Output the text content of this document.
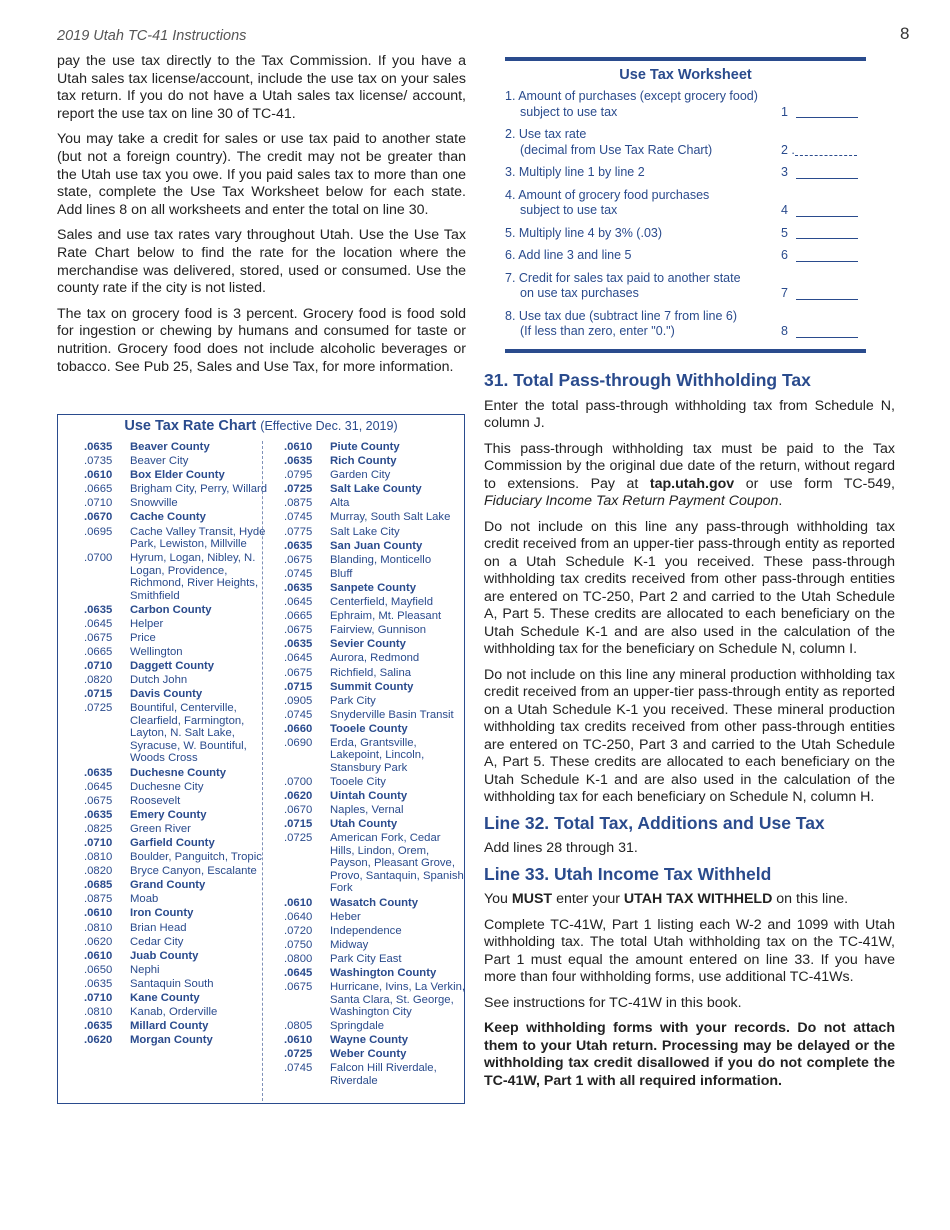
2019 Utah TC-41 Instructions	8

pay the use tax directly to the Tax Commission. If you have a Utah sales tax license/account, include the use tax on your sales tax return. If you do not have a Utah sales tax license/ account, report the use tax on line 30 of TC-41.

You may take a credit for sales or use tax paid to another state (but not a foreign country). The credit may not be greater than the Utah use tax you owe. If you paid sales tax to more than one state, complete the Use Tax Worksheet below for each state. Add lines 8 on all worksheets and enter the total on line 30.

Sales and use tax rates vary throughout Utah. Use the Use Tax Rate Chart below to find the rate for the location where the merchandise was delivered, stored, used or consumed. Use the county rate if the city is not listed.

The tax on grocery food is 3 percent. Grocery food is food sold for ingestion or chewing by humans and consumed for taste or nutrition. Grocery food does not include alcoholic beverages or tobacco. See Pub 25, Sales and Use Tax, for more information.

Use Tax Rate Chart (Effective Dec. 31, 2019)
.0635	Beaver County
.0735	Beaver City
.0610	Box Elder County
.0665	Brigham City, Perry, Willard
.0710	Snowville
.0670	Cache County
.0695	Cache Valley Transit, Hyde Park, Lewiston, Millville
.0700	Hyrum, Logan, Nibley, N. Logan, Providence, Richmond, River Heights, Smithfield
.0635	Carbon County
.0645	Helper
.0675	Price
.0665	Wellington
.0710	Daggett County
.0820	Dutch John
.0715	Davis County
.0725	Bountiful, Centerville, Clearfield, Farmington, Layton, N. Salt Lake, Syracuse, W. Bountiful, Woods Cross
.0635	Duchesne County
.0645	Duchesne City
.0675	Roosevelt
.0635	Emery County
.0825	Green River
.0710	Garfield County
.0810	Boulder, Panguitch, Tropic
.0820	Bryce Canyon, Escalante
.0685	Grand County
.0875	Moab
.0610	Iron County
.0810	Brian Head
.0620	Cedar City
.0610	Juab County
.0650	Nephi
.0635	Santaquin South
.0710	Kane County
.0810	Kanab, Orderville
.0635	Millard County
.0620	Morgan County
.0610	Piute County
.0635	Rich County
.0795	Garden City
.0725	Salt Lake County
.0875	Alta
.0745	Murray, South Salt Lake
.0775	Salt Lake City
.0635	San Juan County
.0675	Blanding, Monticello
.0745	Bluff
.0635	Sanpete County
.0645	Centerfield, Mayfield
.0665	Ephraim, Mt. Pleasant
.0675	Fairview, Gunnison
.0635	Sevier County
.0645	Aurora, Redmond
.0675	Richfield, Salina
.0715	Summit County
.0905	Park City
.0745	Snyderville Basin Transit
.0660	Tooele County
.0690	Erda, Grantsville, Lakepoint, Lincoln, Stansbury Park
.0700	Tooele City
.0620	Uintah County
.0670	Naples, Vernal
.0715	Utah County
.0725	American Fork, Cedar Hills, Lindon, Orem, Payson, Pleasant Grove, Provo, Santaquin, Spanish Fork
.0610	Wasatch County
.0640	Heber
.0720	Independence
.0750	Midway
.0800	Park City East
.0645	Washington County
.0675	Hurricane, Ivins, La Verkin, Santa Clara, St. George, Washington City
.0805	Springdale
.0610	Wayne County
.0725	Weber County
.0745	Falcon Hill Riverdale, Riverdale
Use Tax Worksheet
1. Amount of purchases (except grocery food)
subject to use tax	1
2. Use tax rate
(decimal from Use Tax Rate Chart)	2 .
3. Multiply line 1 by line 2	3
4. Amount of grocery food purchases
subject to use tax	4
5. Multiply line 4 by 3% (.03)	5
6. Add line 3 and line 5	6
7. Credit for sales tax paid to another state
on use tax purchases	7
8. Use tax due (subtract line 7 from line 6)
(If less than zero, enter "0.")	8
31. Total Pass-through Withholding Tax

Enter the total pass-through withholding tax from Schedule N, column J.

This pass-through withholding tax must be paid to the Tax Commission by the original due date of the return, without regard to extensions. Pay at tap.utah.gov or use form TC-549, Fiduciary Income Tax Return Payment Coupon.

Do not include on this line any pass-through withholding tax credit received from an upper-tier pass-through entity as reported on a Utah Schedule K-1 you received. These pass-through withholding tax credits received from other pass-through entities are entered on TC-250, Part 2 and carried to the Utah Schedule A, Part 5. These credits are allocated to each beneficiary on the Utah Schedule K-1 and are also used in the calculation of the withholding tax for the beneficiary on Schedule N, column I.

Do not include on this line any mineral production withholding tax credit received from an upper-tier pass-through entity as reported on a Utah Schedule K-1 you received. These mineral production withholding tax credits received from other pass-through entities are entered on TC-250, Part 3 and carried to the Utah Schedule A, Part 5. These credits are allocated to each beneficiary on the Utah Schedule K-1 and are also used in the calculation of the withholding tax for each beneficiary on Schedule N, column H.

Line 32. Total Tax, Additions and Use Tax

Add lines 28 through 31.

Line 33. Utah Income Tax Withheld

You MUST enter your UTAH TAX WITHHELD on this line.

Complete TC-41W, Part 1 listing each W-2 and 1099 with Utah withholding tax. The total Utah withholding tax on the TC-41W, Part 1 must equal the amount entered on line 33. If you have more than four withholding forms, use additional TC-41Ws.

See instructions for TC-41W in this book.

Keep withholding forms with your records. Do not attach them to your Utah return. Processing may be delayed or the withholding tax credit disallowed if you do not complete the TC-41W, Part 1 with all required information.
